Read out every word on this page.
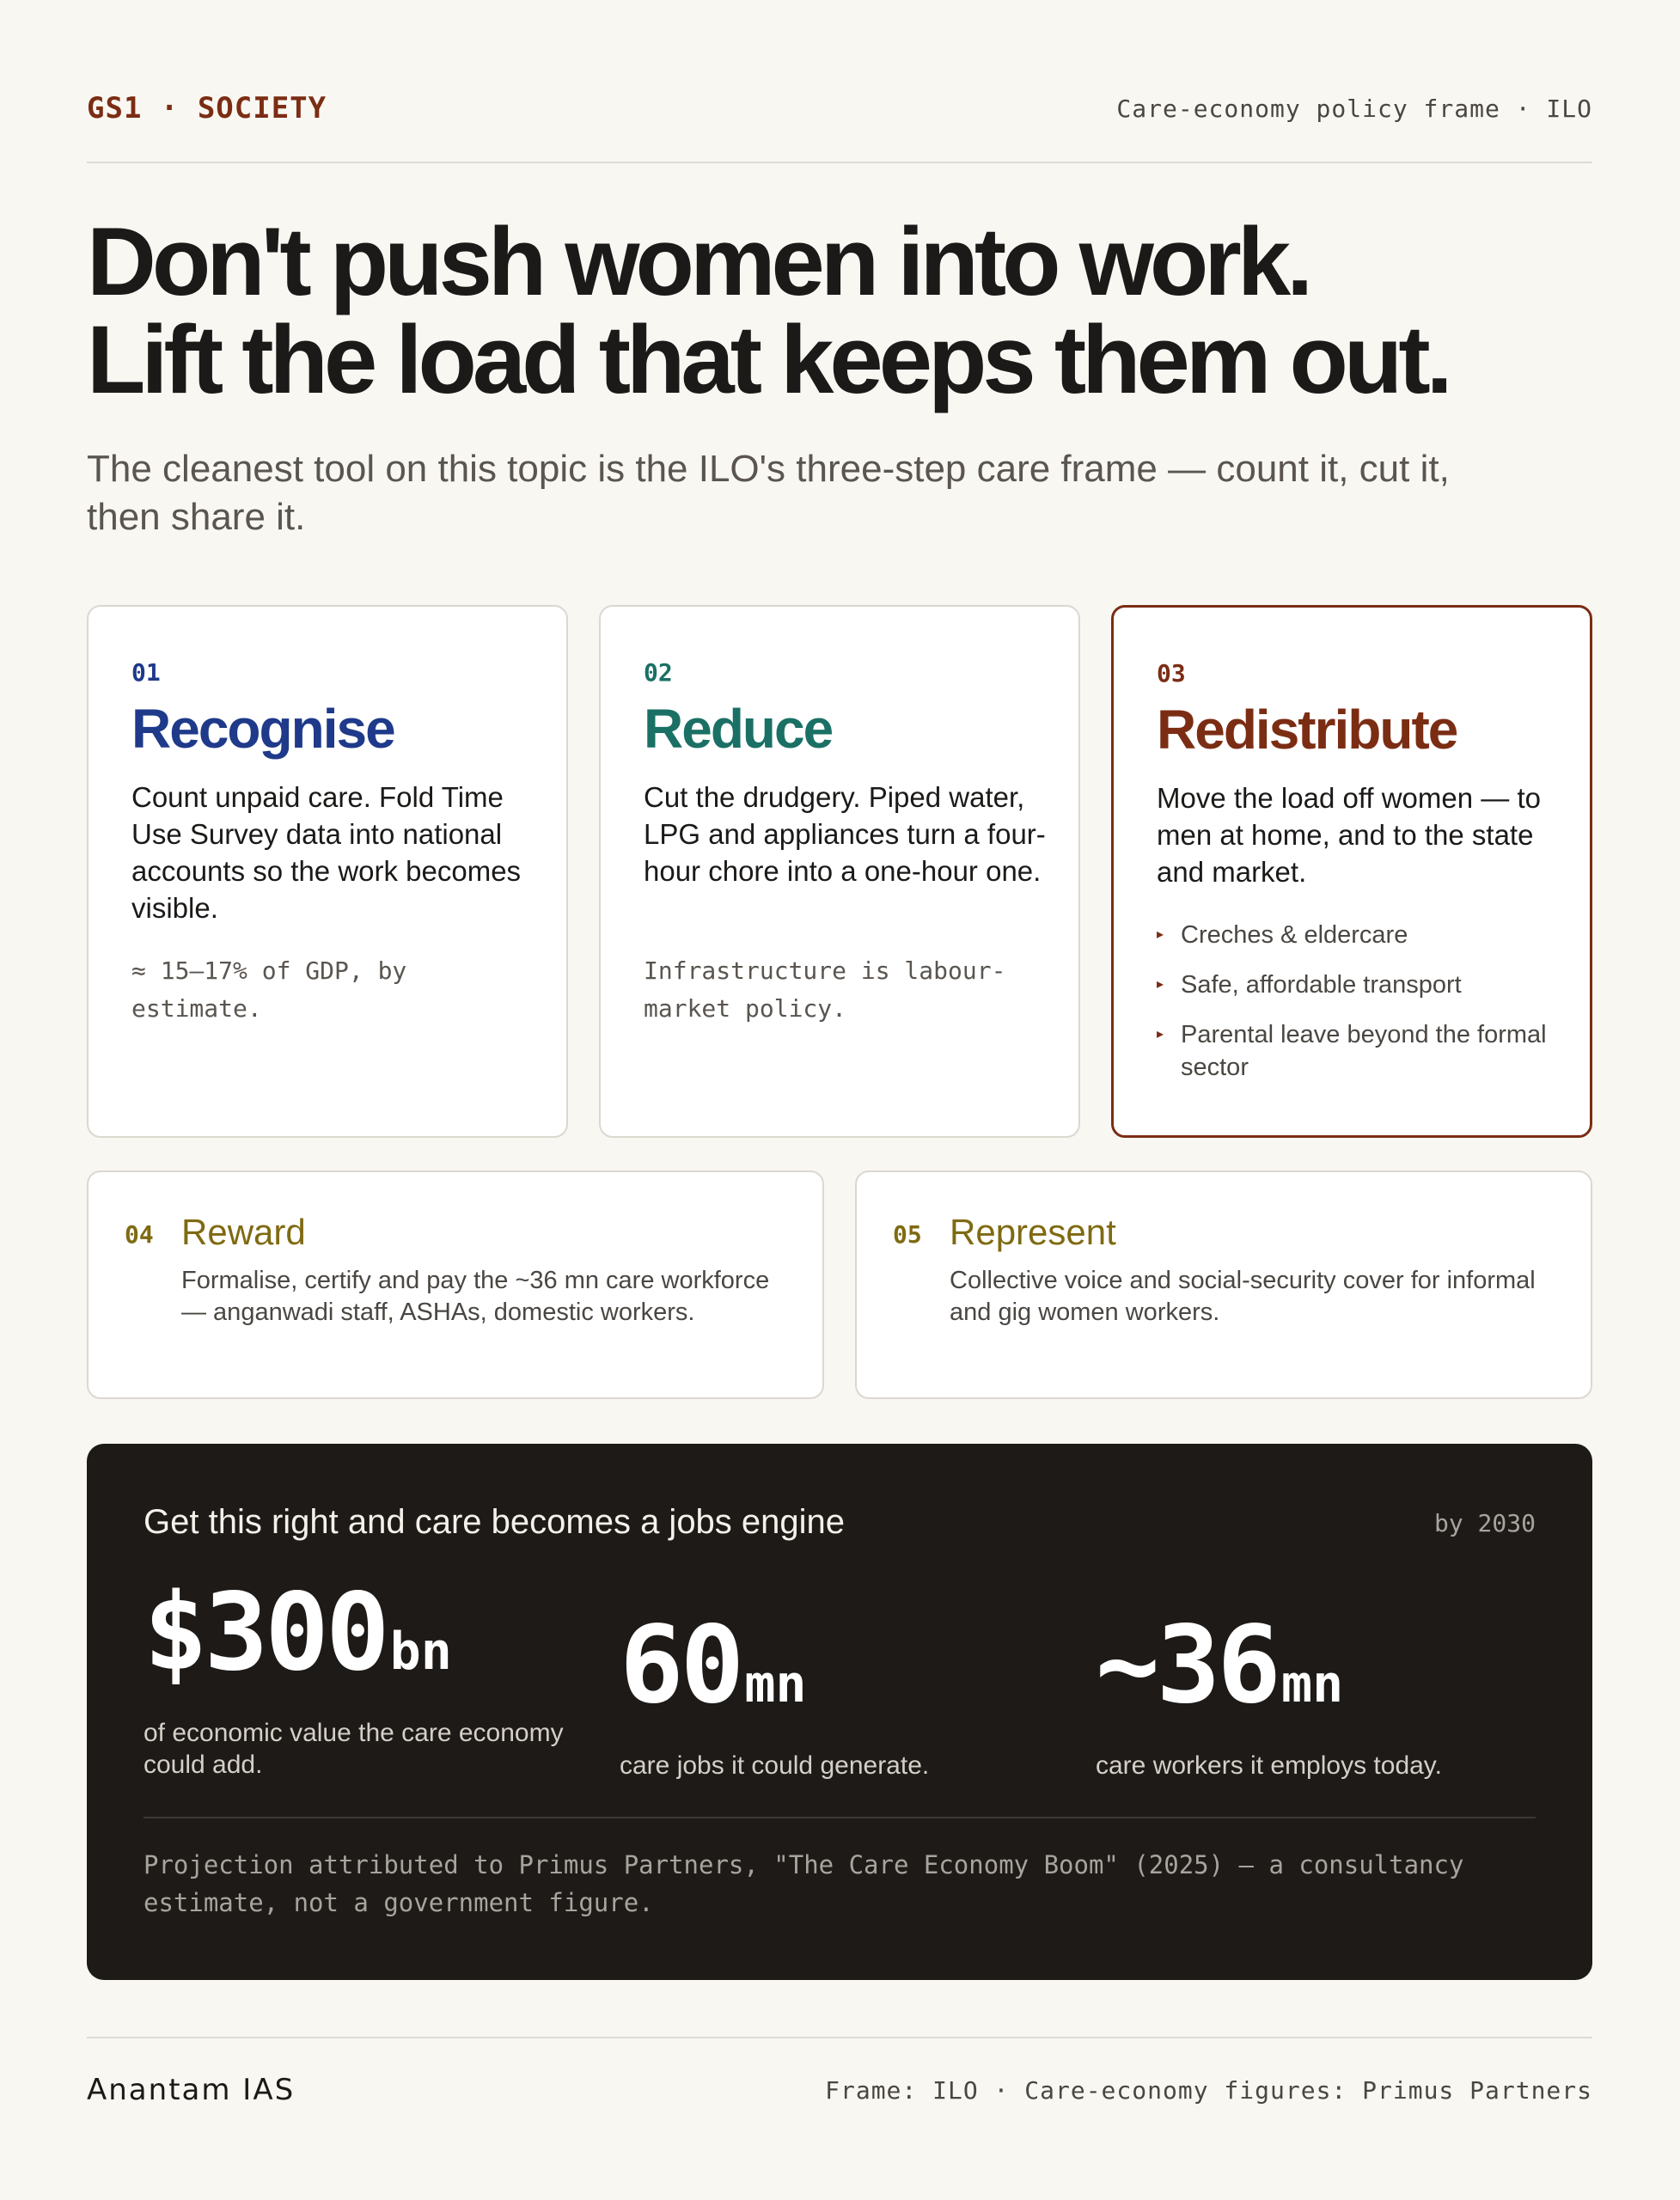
GS1 · SOCIETY	Care-economy policy frame · ILO
Don't push women into work.
Lift the load that keeps them out.

The cleanest tool on this topic is the ILO's three-step care frame — count it, cut it, then share it.

01
Recognise
Count unpaid care. Fold Time Use Survey data into national accounts so the work becomes visible.
≈ 15–17% of GDP, by estimate.
02
Reduce
Cut the drudgery. Piped water, LPG and appliances turn a four-hour chore into a one-hour one.
Infrastructure is labour-market policy.
03
Redistribute
Move the load off women — to men at home, and to the state and market.
▸ Creches & eldercare
▸ Safe, affordable transport
▸ Parental leave beyond the formal sector
04 Reward
Formalise, certify and pay the ~36 mn care workforce — anganwadi staff, ASHAs, domestic workers.
05 Represent
Collective voice and social-security cover for informal and gig women workers.
Get this right and care becomes a jobs engine	by 2030
$300bn
of economic value the care economy could add.
60mn
care jobs it could generate.
~36mn
care workers it employs today.
Projection attributed to Primus Partners, "The Care Economy Boom" (2025) — a consultancy estimate, not a government figure.
Anantam IAS	Frame: ILO · Care-economy figures: Primus Partners
